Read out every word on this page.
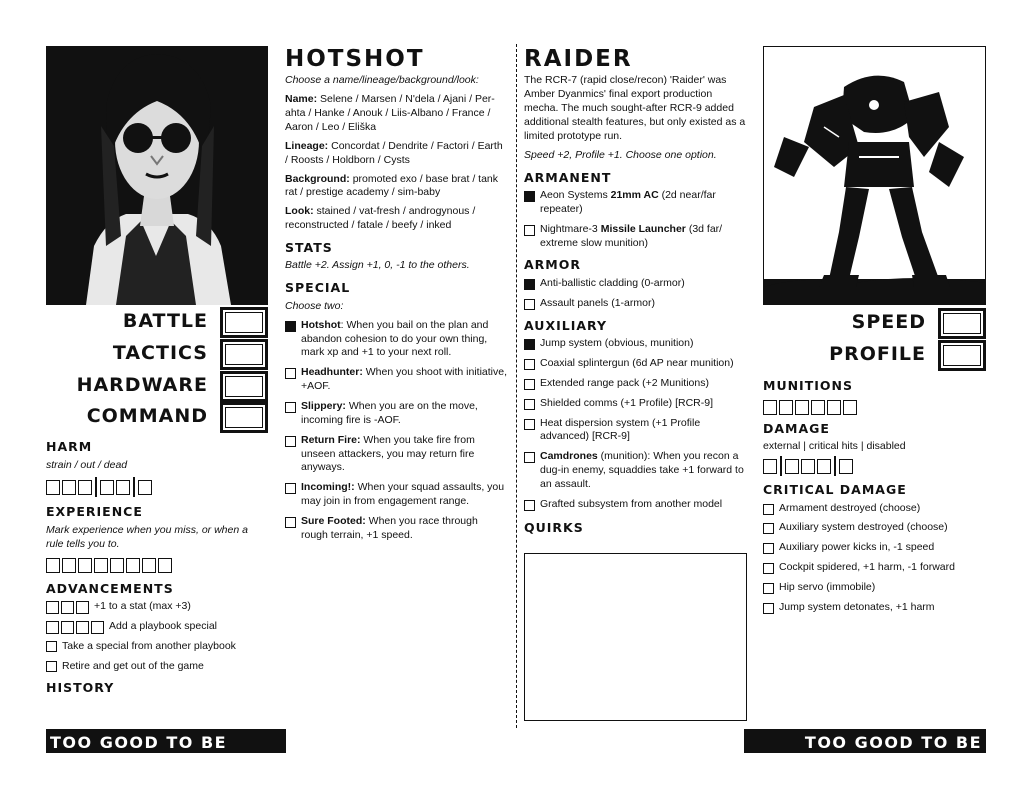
BATTLE
TACTICS
HARDWARE
COMMAND
HARM
strain / out / dead
EXPERIENCE
Mark experience when you miss, or when a rule tells you to.
ADVANCEMENTS
+1 to a stat (max +3)
Add a playbook special
Take a special from another playbook
Retire and get out of the game
HISTORY
HOTSHOT
Choose a name/lineage/background/look:
Name: Selene / Marsen / N'dela / Ajani / Per-ahta / Hanke / Anouk / Liis-Albano / France / Aaron / Leo / Eliška
Lineage: Concordat / Dendrite / Factori / Earth / Roosts / Holdborn / Cysts
Background: promoted exo / base brat / tank rat / prestige academy / sim-baby
Look: stained / vat-fresh / androgynous / reconstructed / fatale / beefy / inked
STATS
Battle +2. Assign +1, 0, -1 to the others.
SPECIAL
Choose two:
Hotshot: When you bail on the plan and abandon cohesion to do your own thing, mark xp and +1 to your next roll.
Headhunter: When you shoot with initiative, +AOF.
Slippery: When you are on the move, incoming fire is -AOF.
Return Fire: When you take fire from unseen attackers, you may return fire anyways.
Incoming!: When your squad assaults, you may join in from engagement range.
Sure Footed: When you race through rough terrain, +1 speed.
RAIDER
The RCR-7 (rapid close/recon) 'Raider' was Amber Dyanmics' final export production mecha. The much sought-after RCR-9 added additional stealth features, but only existed as a limited prototype run.
Speed +2, Profile +1. Choose one option.
ARMANENT
Aeon Systems 21mm AC (2d near/far repeater)
Nightmare-3 Missile Launcher (3d far/ extreme slow munition)
ARMOR
Anti-ballistic cladding (0-armor)
Assault panels (1-armor)
AUXILIARY
Jump system (obvious, munition)
Coaxial splintergun (6d AP near munition)
Extended range pack (+2 Munitions)
Shielded comms (+1 Profile) [RCR-9]
Heat dispersion system (+1 Profile advanced) [RCR-9]
Camdrones (munition): When you recon a dug-in enemy, squaddies take +1 forward to an assault.
Grafted subsystem from another model
QUIRKS
SPEED
PROFILE
MUNITIONS
DAMAGE
external | critical hits | disabled
CRITICAL DAMAGE
Armament destroyed (choose)
Auxiliary system destroyed (choose)
Auxiliary power kicks in, -1 speed
Cockpit spidered, +1 harm, -1 forward
Hip servo (immobile)
Jump system detonates, +1 harm
TOO GOOD TO BE TRUE
TOO GOOD TO BE TRUE
